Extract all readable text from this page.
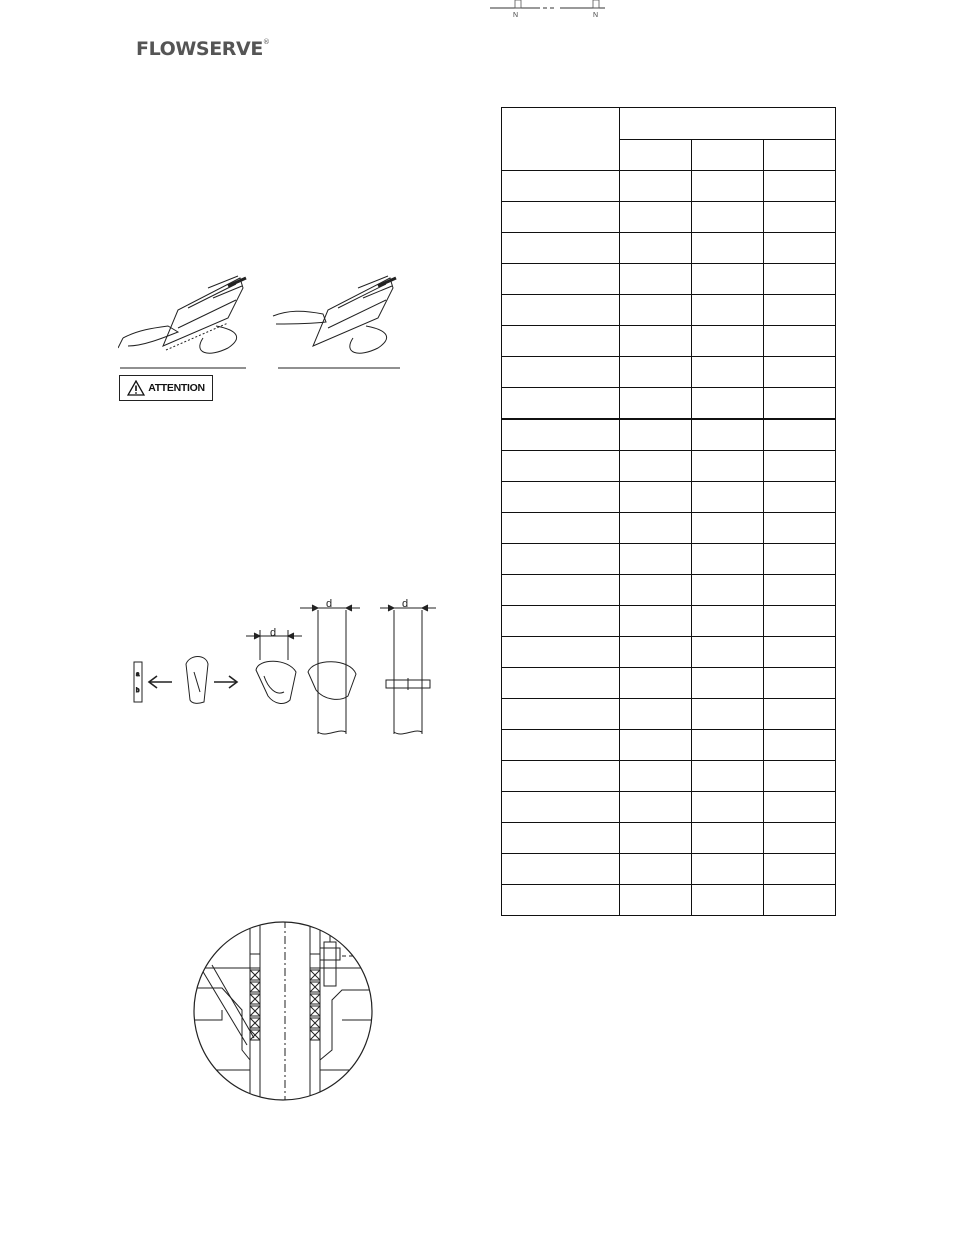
FLOWSERVE®
N	N
ATTENTION
a
b
d
d	d
